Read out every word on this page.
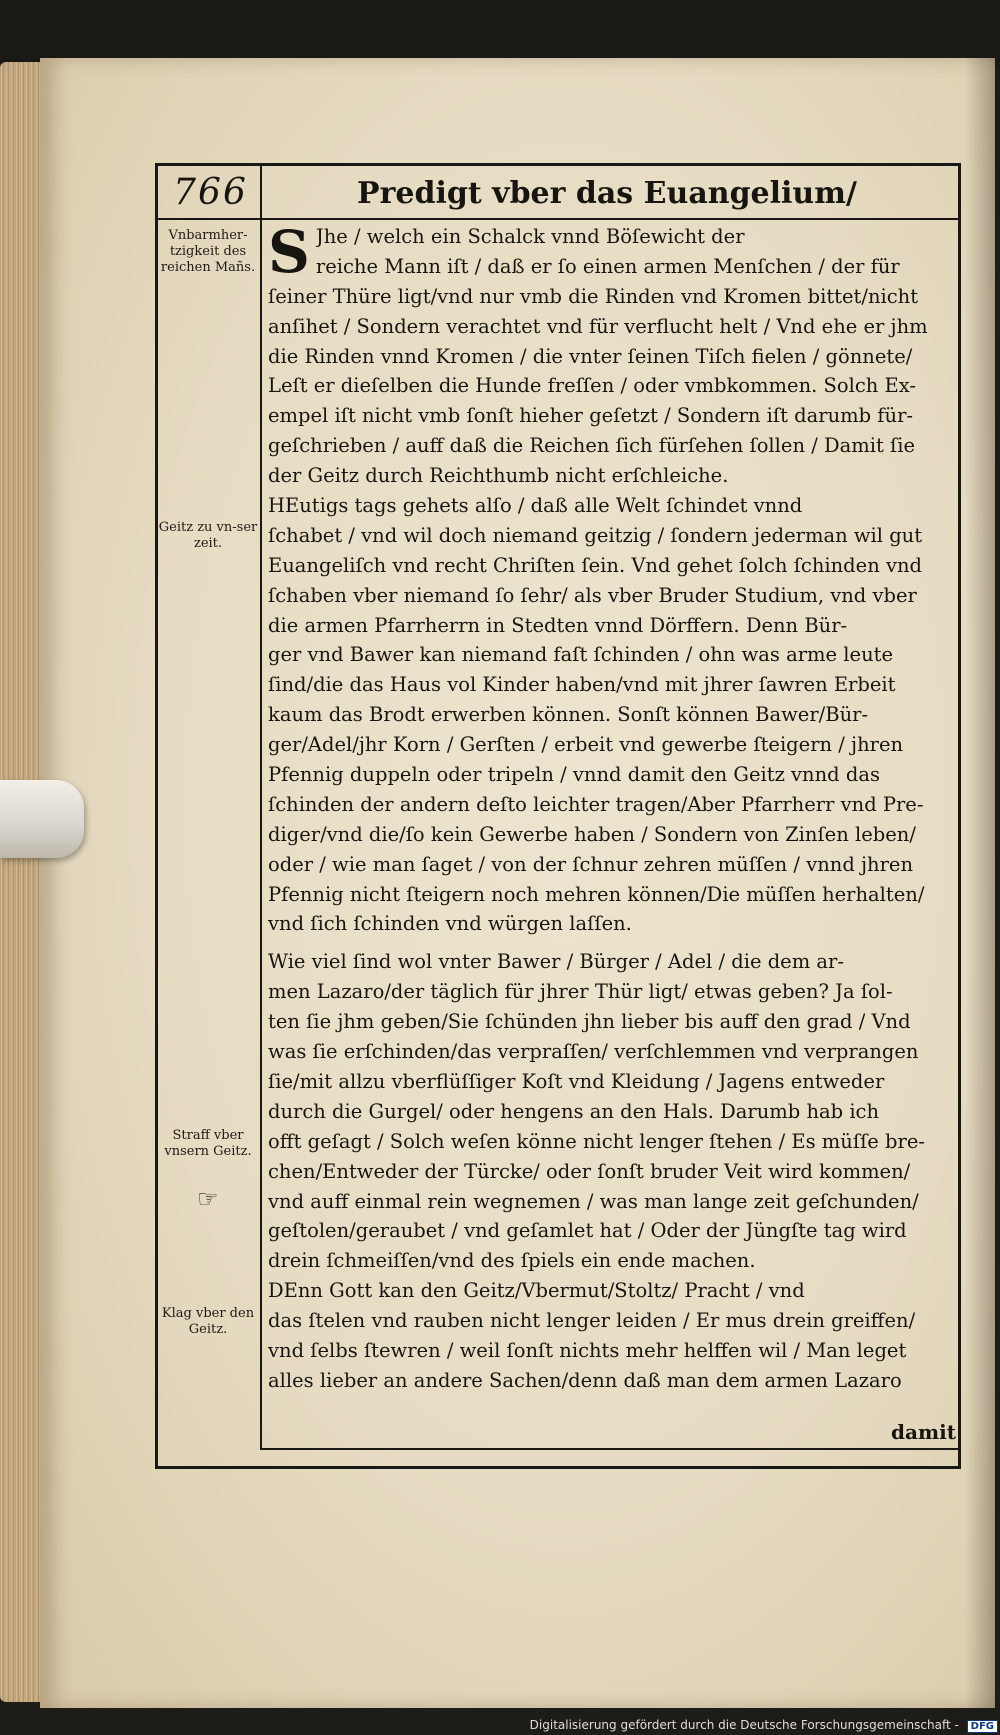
766	Predigt vber das Euangelium/
Vnbarmher-tzigkeit des reichen Mañs.
Geitz zu vn-ser zeit.
Straff vber vnsern Geitz.
☞
Klag vber den Geitz.
S Jhe / welch ein Schalck vnnd Böſewicht der
reiche Mann iſt / daß er ſo einen armen Menſchen / der für
ſeiner Thüre ligt/vnd nur vmb die Rinden vnd Kromen bittet/nicht
anſihet / Sondern verachtet vnd für verflucht helt / Vnd ehe er jhm
die Rinden vnnd Kromen / die vnter ſeinen Tiſch fielen / gönnete/
Leſt er dieſelben die Hunde freſſen / oder vmbkommen. Solch Ex-
empel iſt nicht vmb ſonſt hieher geſetzt / Sondern iſt darumb für-
geſchrieben / auff daß die Reichen ſich fürſehen ſollen / Damit ſie
der Geitz durch Reichthumb nicht erſchleiche.
HEutigs tags gehets alſo / daß alle Welt ſchindet vnnd
ſchabet / vnd wil doch niemand geitzig / ſondern jederman wil gut
Euangeliſch vnd recht Chriſten ſein. Vnd gehet ſolch ſchinden vnd
ſchaben vber niemand ſo ſehr/ als vber Bruder Studium, vnd vber
die armen Pfarrherrn in Stedten vnnd Dörffern. Denn Bür-
ger vnd Bawer kan niemand faſt ſchinden / ohn was arme leute
ſind/die das Haus vol Kinder haben/vnd mit jhrer ſawren Erbeit
kaum das Brodt erwerben können. Sonſt können Bawer/Bür-
ger/Adel/jhr Korn / Gerſten / erbeit vnd gewerbe ſteigern / jhren
Pfennig duppeln oder tripeln / vnnd damit den Geitz vnnd das
ſchinden der andern deſto leichter tragen/Aber Pfarrherr vnd Pre-
diger/vnd die/ſo kein Gewerbe haben / Sondern von Zinſen leben/
oder / wie man ſaget / von der ſchnur zehren müſſen / vnnd jhren
Pfennig nicht ſteigern noch mehren können/Die müſſen herhalten/
vnd ſich ſchinden vnd würgen laſſen.
Wie viel ſind wol vnter Bawer / Bürger / Adel / die dem ar-
men Lazaro/der täglich für jhrer Thür ligt/ etwas geben? Ja ſol-
ten ſie jhm geben/Sie ſchünden jhn lieber bis auff den grad / Vnd
was ſie erſchinden/das verpraſſen/ verſchlemmen vnd verprangen
ſie/mit allzu vberflüſſiger Koſt vnd Kleidung / Jagens entweder
durch die Gurgel/ oder hengens an den Hals. Darumb hab ich
offt geſagt / Solch weſen könne nicht lenger ſtehen / Es müſſe bre-
chen/Entweder der Türcke/ oder ſonſt bruder Veit wird kommen/
vnd auff einmal rein wegnemen / was man lange zeit geſchunden/
geſtolen/geraubet / vnd geſamlet hat / Oder der Jüngſte tag wird
drein ſchmeiſſen/vnd des ſpiels ein ende machen.
DEnn Gott kan den Geitz/Vbermut/Stoltz/ Pracht / vnd
das ſtelen vnd rauben nicht lenger leiden / Er mus drein greiffen/
vnd ſelbs ſtewren / weil ſonſt nichts mehr helffen wil / Man leget
alles lieber an andere Sachen/denn daß man dem armen Lazaro
damit
Digitalisierung gefördert durch die Deutsche Forschungsgemeinschaft - DFG
